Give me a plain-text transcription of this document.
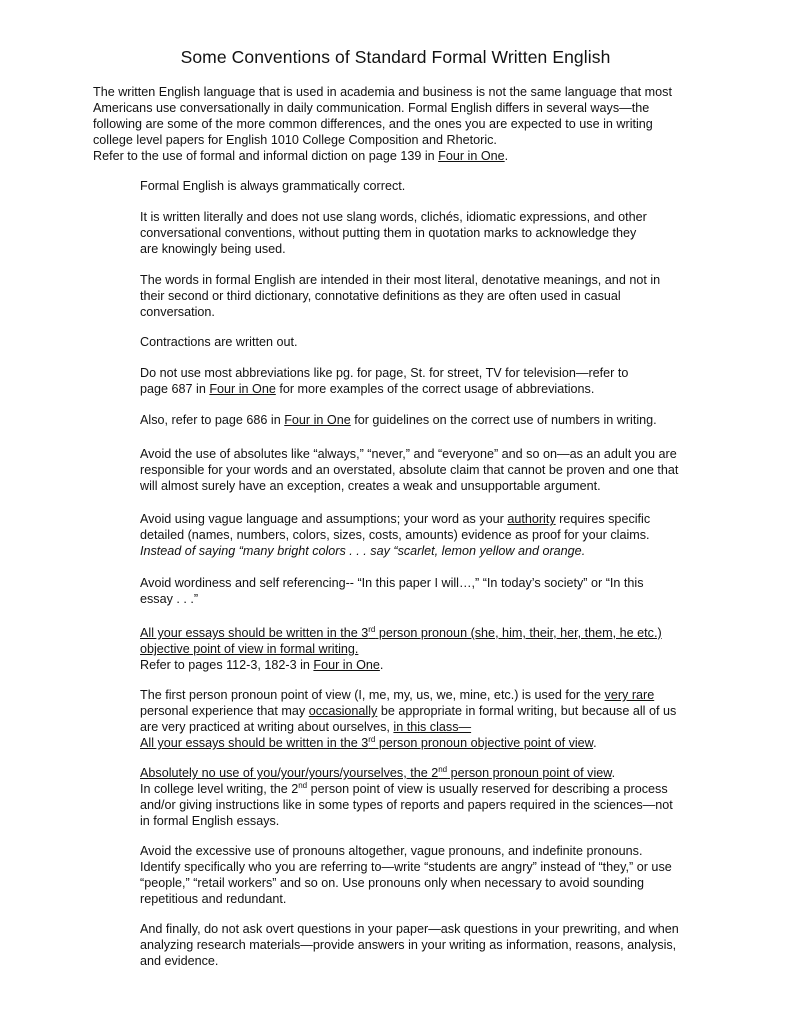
Some Conventions of Standard Formal Written English

The written English language that is used in academia and business is not the same language that most

Americans use conversationally in daily communication. Formal English differs in several ways—the

following are some of the more common differences, and the ones you are expected to use in writing

college level papers for English 1010 College Composition and Rhetoric.

Refer to the use of formal and informal diction on page 139 in Four in One.

Formal English is always grammatically correct.

It is written literally and does not use slang words, clichés, idiomatic expressions, and other

conversational conventions, without putting them in quotation marks to acknowledge they

are knowingly being used.

The words in formal English are intended in their most literal, denotative meanings, and not in

their second or third dictionary, connotative definitions as they are often used in casual

conversation.

Contractions are written out.

Do not use most abbreviations like pg. for page, St. for street, TV for television—refer to

page 687 in Four in One for more examples of the correct usage of abbreviations.

Also, refer to page 686 in Four in One for guidelines on the correct use of numbers in writing.

Avoid the use of absolutes like “always,” “never,” and “everyone” and so on—as an adult you are

responsible for your words and an overstated, absolute claim that cannot be proven and one that

will almost surely have an exception, creates a weak and unsupportable argument.

Avoid using vague language and assumptions; your word as your authority requires specific

detailed (names, numbers, colors, sizes, costs, amounts) evidence as proof for your claims.

Instead of saying “many bright colors . . . say “scarlet, lemon yellow and orange.

Avoid wordiness and self referencing-- “In this paper I will…,” “In today’s society” or “In this

essay . . .”

All your essays should be written in the 3rd person pronoun (she, him, their, her, them, he etc.)

objective point of view in formal writing.

Refer to pages 112-3, 182-3 in Four in One.

The first person pronoun point of view (I, me, my, us, we, mine, etc.) is used for the very rare

personal experience that may occasionally be appropriate in formal writing, but because all of us

are very practiced at writing about ourselves, in this class—

All your essays should be written in the 3rd person pronoun objective point of view.

Absolutely no use of you/your/yours/yourselves, the 2nd person pronoun point of view.

In college level writing, the 2nd person point of view is usually reserved for describing a process

and/or giving instructions like in some types of reports and papers required in the sciences—not

in formal English essays.

Avoid the excessive use of pronouns altogether, vague pronouns, and indefinite pronouns.

Identify specifically who you are referring to—write “students are angry” instead of “they,” or use

“people,” “retail workers” and so on. Use pronouns only when necessary to avoid sounding

repetitious and redundant.

And finally, do not ask overt questions in your paper—ask questions in your prewriting, and when

analyzing research materials—provide answers in your writing as information, reasons, analysis,

and evidence.
